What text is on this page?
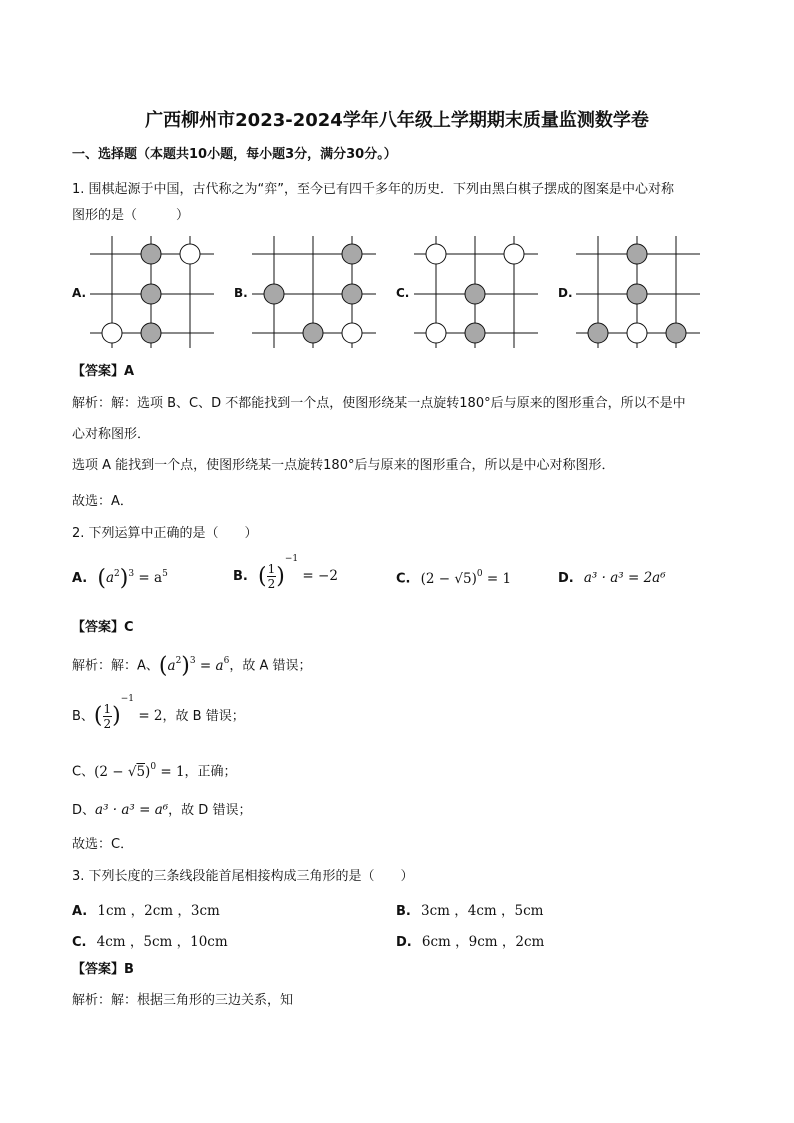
广西柳州市2023-2024学年八年级上学期期末质量监测数学卷
一、选择题（本题共10小题，每小题3分，满分30分。）
1. 围棋起源于中国，古代称之为“弈”，至今已有四千多年的历史．下列由黑白棋子摆成的图案是中心对称
图形的是（　　　）
A.	B.	C.	D.
【答案】A
解析：解：选项 B、C、D 不都能找到一个点，使图形绕某一点旋转180°后与原来的图形重合，所以不是中
心对称图形．
选项 A 能找到一个点，使图形绕某一点旋转180°后与原来的图形重合，所以是中心对称图形．
故选：A．
2. 下列运算中正确的是（　　）
A. $(a^2)^3 = a^5$	B. ( $\frac{1}{2} )^{-1} = -2$	C. $(2 - √5)^0 = 1$	D. a³ · a³ = 2a⁶
【答案】C
解析：解：A、$(a^2)^3 = a^6$，故 A 错误；
B、( $\frac{1}{2} )^{-1} = 2$，故 B 错误；
C、$(2 - √5)^0 = 1$，正确；
D、a³ · a³ = a⁶，故 D 错误；
故选：C．
3. 下列长度的三条线段能首尾相接构成三角形的是（　　）
A. 1cm ，2cm ，3cm	B. 3cm ，4cm ，5cm
C. 4cm ，5cm ，10cm	D. 6cm ，9cm ，2cm
【答案】B
解析：解：根据三角形的三边关系，知
